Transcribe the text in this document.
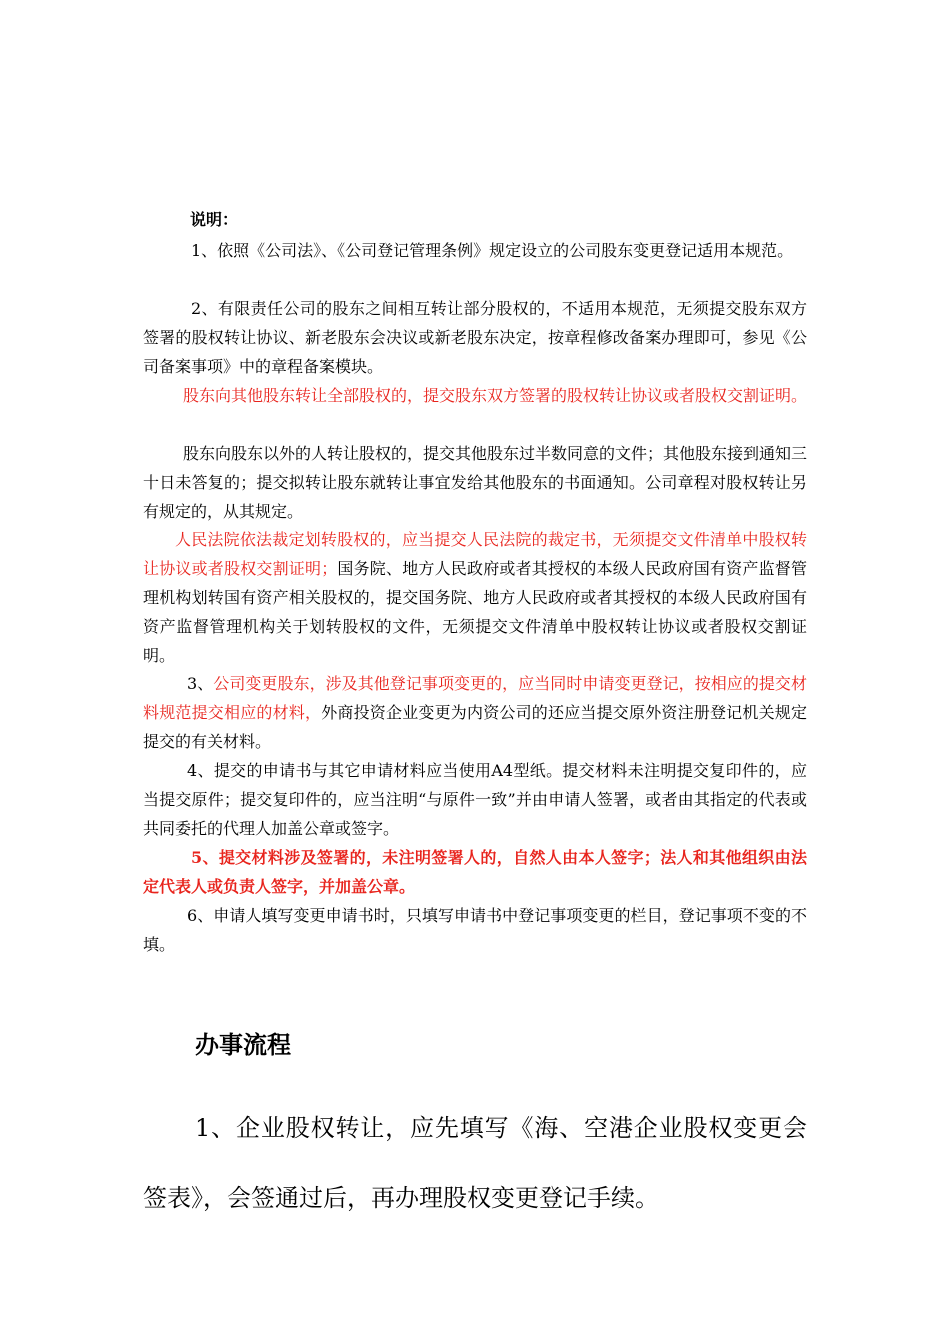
说明：

1、依照《公司法》、《公司登记管理条例》规定设立的公司股东变更登记适用本规范。

2、有限责任公司的股东之间相互转让部分股权的，不适用本规范，无须提交股东双方签署的股权转让协议、新老股东会决议或新老股东决定，按章程修改备案办理即可，参见《公司备案事项》中的章程备案模块。

股东向其他股东转让全部股权的，提交股东双方签署的股权转让协议或者股权交割证明。

股东向股东以外的人转让股权的，提交其他股东过半数同意的文件；其他股东接到通知三十日未答复的；提交拟转让股东就转让事宜发给其他股东的书面通知。公司章程对股权转让另有规定的，从其规定。

人民法院依法裁定划转股权的，应当提交人民法院的裁定书，无须提交文件清单中股权转让协议或者股权交割证明；国务院、地方人民政府或者其授权的本级人民政府国有资产监督管理机构划转国有资产相关股权的，提交国务院、地方人民政府或者其授权的本级人民政府国有资产监督管理机构关于划转股权的文件，无须提交文件清单中股权转让协议或者股权交割证明。

3、公司变更股东，涉及其他登记事项变更的，应当同时申请变更登记，按相应的提交材料规范提交相应的材料，外商投资企业变更为内资公司的还应当提交原外资注册登记机关规定提交的有关材料。

4、提交的申请书与其它申请材料应当使用A4型纸。提交材料未注明提交复印件的，应当提交原件；提交复印件的，应当注明“与原件一致”并由申请人签署，或者由其指定的代表或共同委托的代理人加盖公章或签字。

5、提交材料涉及签署的，未注明签署人的，自然人由本人签字；法人和其他组织由法定代表人或负责人签字，并加盖公章。

6、申请人填写变更申请书时，只填写申请书中登记事项变更的栏目，登记事项不变的不填。

办事流程

1、企业股权转让，应先填写《海、空港企业股权变更会签表》，会签通过后，再办理股权变更登记手续。
